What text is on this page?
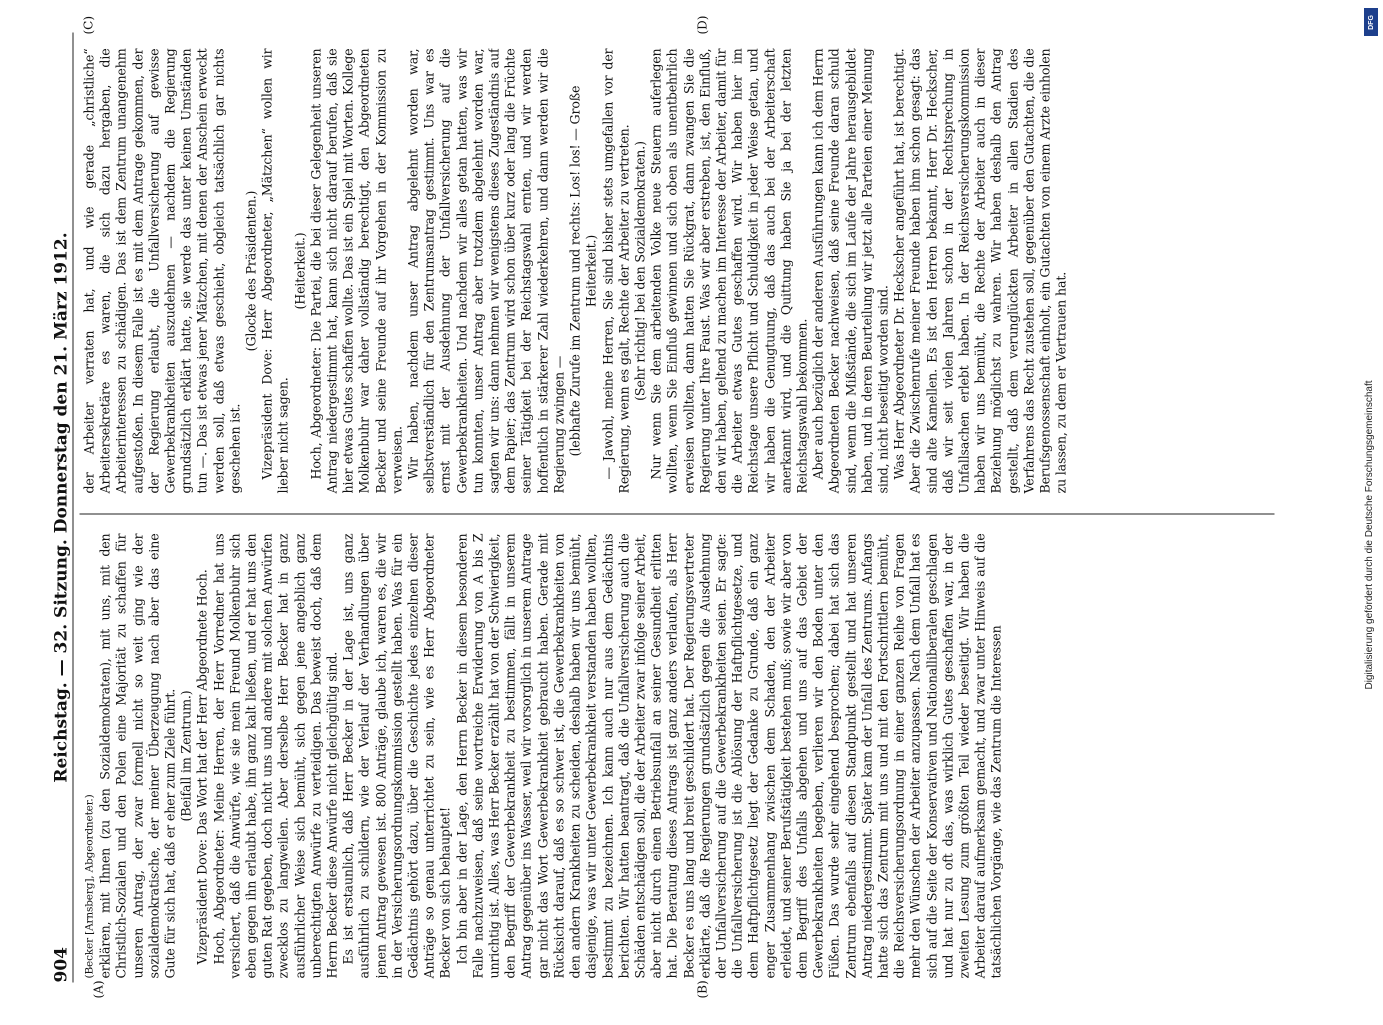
904
Reichstag. — 32. Sitzung. Donnerstag den 21. März 1912.

(Becker [Arnsberg], Abgeordneter.) erklären, mit Ihnen (zu den Sozialdemokraten), mit uns, mit den Christlich-Sozialen und den Polen eine Majorität zu schaffen für unseren Antrag, der zwar formell nicht so weit ging wie der sozialdemokratische, der meiner Überzeugung nach aber das eine Gute für sich hat, daß er eher zum Ziele führt. (Beifall im Zentrum.) Vizepräsident Dove: Das Wort hat der Herr Abgeordnete Hoch. Hoch, Abgeordneter: Meine Herren, der Herr Vorredner hat uns versichert, daß die Anwürfe, wie sie mein Freund Molkenbuhr sich eben gegen ihn erlaubt habe, ihn ganz kalt ließen, und er hat uns den guten Rat gegeben, doch nicht uns und andere mit solchen Anwürfen zwecklos zu langweilen. Aber derselbe Herr Becker hat in ganz ausführlicher Weise sich bemüht, sich gegen jene angeblich ganz unberechtigten Anwürfe zu verteidigen. Das beweist doch, daß dem Herrn Becker diese Anwürfe nicht gleichgültig sind. Es ist erstaunlich, daß Herr Becker in der Lage ist, uns ganz ausführlich zu schildern, wie der Verlauf der Verhandlungen über jenen Antrag gewesen ist. 800 Anträge, glaube ich, waren es, die wir in der Versicherungsordnungskommission gestellt haben. Was für ein Gedächtnis gehört dazu, über die Geschichte jedes einzelnen dieser Anträge so genau unterrichtet zu sein, wie es Herr Abgeordneter Becker von sich behauptet! Ich bin aber in der Lage, den Herrn Becker in diesem besonderen Falle nachzuweisen, daß seine wortreiche Erwiderung von A bis Z unrichtig ist. Alles, was Herr Becker erzählt hat von der Schwierigkeit, den Begriff der Gewerbekrankheit zu bestimmen, fällt in unserem Antrag gegenüber ins Wasser, weil wir vorsorglich in unserem Antrage gar nicht das Wort Gewerbekrankheit gebraucht haben. Gerade mit Rücksicht darauf, daß es so schwer ist, die Gewerbekrankheiten von den andern Krankheiten zu scheiden, deshalb haben wir uns bemüht, dasjenige, was wir unter Gewerbekrankheit verstanden haben wollten, bestimmt zu bezeichnen. Ich kann auch nur aus dem Gedächtnis berichten. Wir hatten beantragt, daß die Unfallversicherung auch die Schäden entschädigen soll, die der Arbeiter zwar infolge seiner Arbeit, aber nicht durch einen Betriebsunfall an seiner Gesundheit erlitten hat. Die Beratung dieses Antrags ist ganz anders verlaufen, als Herr Becker es uns lang und breit geschildert hat. Der Regierungsvertreter erklärte, daß die Regierungen grundsätzlich gegen die Ausdehnung der Unfallversicherung auf die Gewerbekrankheiten seien. Er sagte: die Unfallversicherung ist die Ablösung der Haftpflichtgesetze, und dem Haftpflichtgesetz liegt der Gedanke zu Grunde, daß ein ganz enger Zusammenhang zwischen dem Schaden, den der Arbeiter erleidet, und seiner Berufstätigkeit bestehen muß; sowie wir aber von dem Begriff des Unfalls abgehen und uns auf das Gebiet der Gewerbekrankheiten begeben, verlieren wir den Boden unter den Füßen. Das wurde sehr eingehend besprochen; dabei hat sich das Zentrum ebenfalls auf diesen Standpunkt gestellt und hat unseren Antrag niedergestimmt. Später kam der Unfall des Zentrums. Anfangs hatte sich das Zentrum mit uns und mit den Fortschrittlern bemüht, die Reichsversicherungsordnung in einer ganzen Reihe von Fragen mehr den Wünschen der Arbeiter anzupassen. Nach dem Unfall hat es sich auf die Seite der Konservativen und Nationalliberalen geschlagen und hat nur zu oft das, was wirklich Gutes geschaffen war, in der zweiten Lesung zum größten Teil wieder beseitigt. Wir haben die Arbeiter darauf aufmerksam gemacht, und zwar unter Hinweis auf die tatsächlichen Vorgänge, wie das Zentrum die Interessen

der Arbeiter verraten hat, und wie gerade „christliche“ Arbeitersekretäre es waren, die sich dazu hergaben, die Arbeiterinteressen zu schädigen. Das ist dem Zentrum unangenehm aufgestoßen. In diesem Falle ist es mit dem Antrage gekommen, der der Regierung erlaubt, die Unfallversicherung auf gewisse Gewerbekrankheiten auszudehnen — nachdem die Regierung grundsätzlich erklärt hatte, sie werde das unter keinen Umständen tun —. Das ist etwas jener Mätzchen, mit denen der Anschein erweckt werden soll, daß etwas geschieht, obgleich tatsächlich gar nichts geschehen ist.

(Glocke des Präsidenten.) Vizepräsident Dove: Herr Abgeordneter, „Mätzchen“ wollen wir lieber nicht sagen.

(Heiterkeit.) Hoch, Abgeordneter: Die Partei, die bei dieser Gelegenheit unseren Antrag niedergestimmt hat, kann sich nicht darauf berufen, daß sie hier etwas Gutes schaffen wollte. Das ist ein Spiel mit Worten. Kollege Molkenbuhr war daher vollständig berechtigt, den Abgeordneten Becker und seine Freunde auf ihr Vorgehen in der Kommission zu verweisen. Wir haben, nachdem unser Antrag abgelehnt worden war, selbstverständlich für den Zentrumsantrag gestimmt. Uns war es ernst mit der Ausdehnung der Unfallversicherung auf die Gewerbekrankheiten. Und nachdem wir alles getan hatten, was wir tun konnten, unser Antrag aber trotzdem abgelehnt worden war, sagten wir uns: dann nehmen wir wenigstens dieses Zugeständnis auf dem Papier; das Zentrum wird schon über kurz oder lang die Früchte seiner Tätigkeit bei der Reichstagswahl ernten, und wir werden hoffentlich in stärkerer Zahl wiederkehren, und dann werden wir die Regierung zwingen — (lebhafte Zurufe im Zentrum und rechts: Los! los! — Große Heiterkeit.) — Jawohl, meine Herren, Sie sind bisher stets umgefallen vor der Regierung, wenn es galt, Rechte der Arbeiter zu vertreten. (Sehr richtig! bei den Sozialdemokraten.) Nur wenn Sie dem arbeitenden Volke neue Steuern auferlegen wollten, wenn Sie Einfluß gewinnen und sich oben als unentbehrlich erweisen wollten, dann hatten Sie Rückgrat, dann zwangen Sie die Regierung unter Ihre Faust. Was wir aber erstreben, ist, den Einfluß, den wir haben, geltend zu machen im Interesse der Arbeiter, damit für die Arbeiter etwas Gutes geschaffen wird. Wir haben hier im Reichstage unsere Pflicht und Schuldigkeit in jeder Weise getan, und wir haben die Genugtuung, daß das auch bei der Arbeiterschaft anerkannt wird, und die Quittung haben Sie ja bei der letzten Reichstagswahl bekommen. Aber auch bezüglich der anderen Ausführungen kann ich dem Herrn Abgeordneten Becker nachweisen, daß seine Freunde daran schuld sind, wenn die Mißstände, die sich im Laufe der Jahre herausgebildet haben, und in deren Beurteilung wir jetzt alle Parteien einer Meinung sind, nicht beseitigt worden sind. Was Herr Abgeordneter Dr. Heckscher angeführt hat, ist berechtigt. Aber die Zwischenrufe meiner Freunde haben ihm schon gesagt: das sind alte Kamellen. Es ist den Herren bekannt, Herr Dr. Heckscher, daß wir seit vielen Jahren schon in der Rechtsprechung in Unfallsachen erlebt haben. In der Reichsversicherungskommission haben wir uns bemüht, die Rechte der Arbeiter auch in dieser Beziehung möglichst zu wahren. Wir haben deshalb den Antrag gestellt, daß dem verunglückten Arbeiter in allen Stadien des Verfahrens das Recht zustehen soll, gegenüber den Gutachten, die die Berufsgenossenschaft einholt, ein Gutachten von einem Arzte einholen zu lassen, zu dem er Vertrauen hat.

(A)	(B)
(C)	(D)	DFG
Digitalisierung gefördert durch die Deutsche Forschungsgemeinschaft
